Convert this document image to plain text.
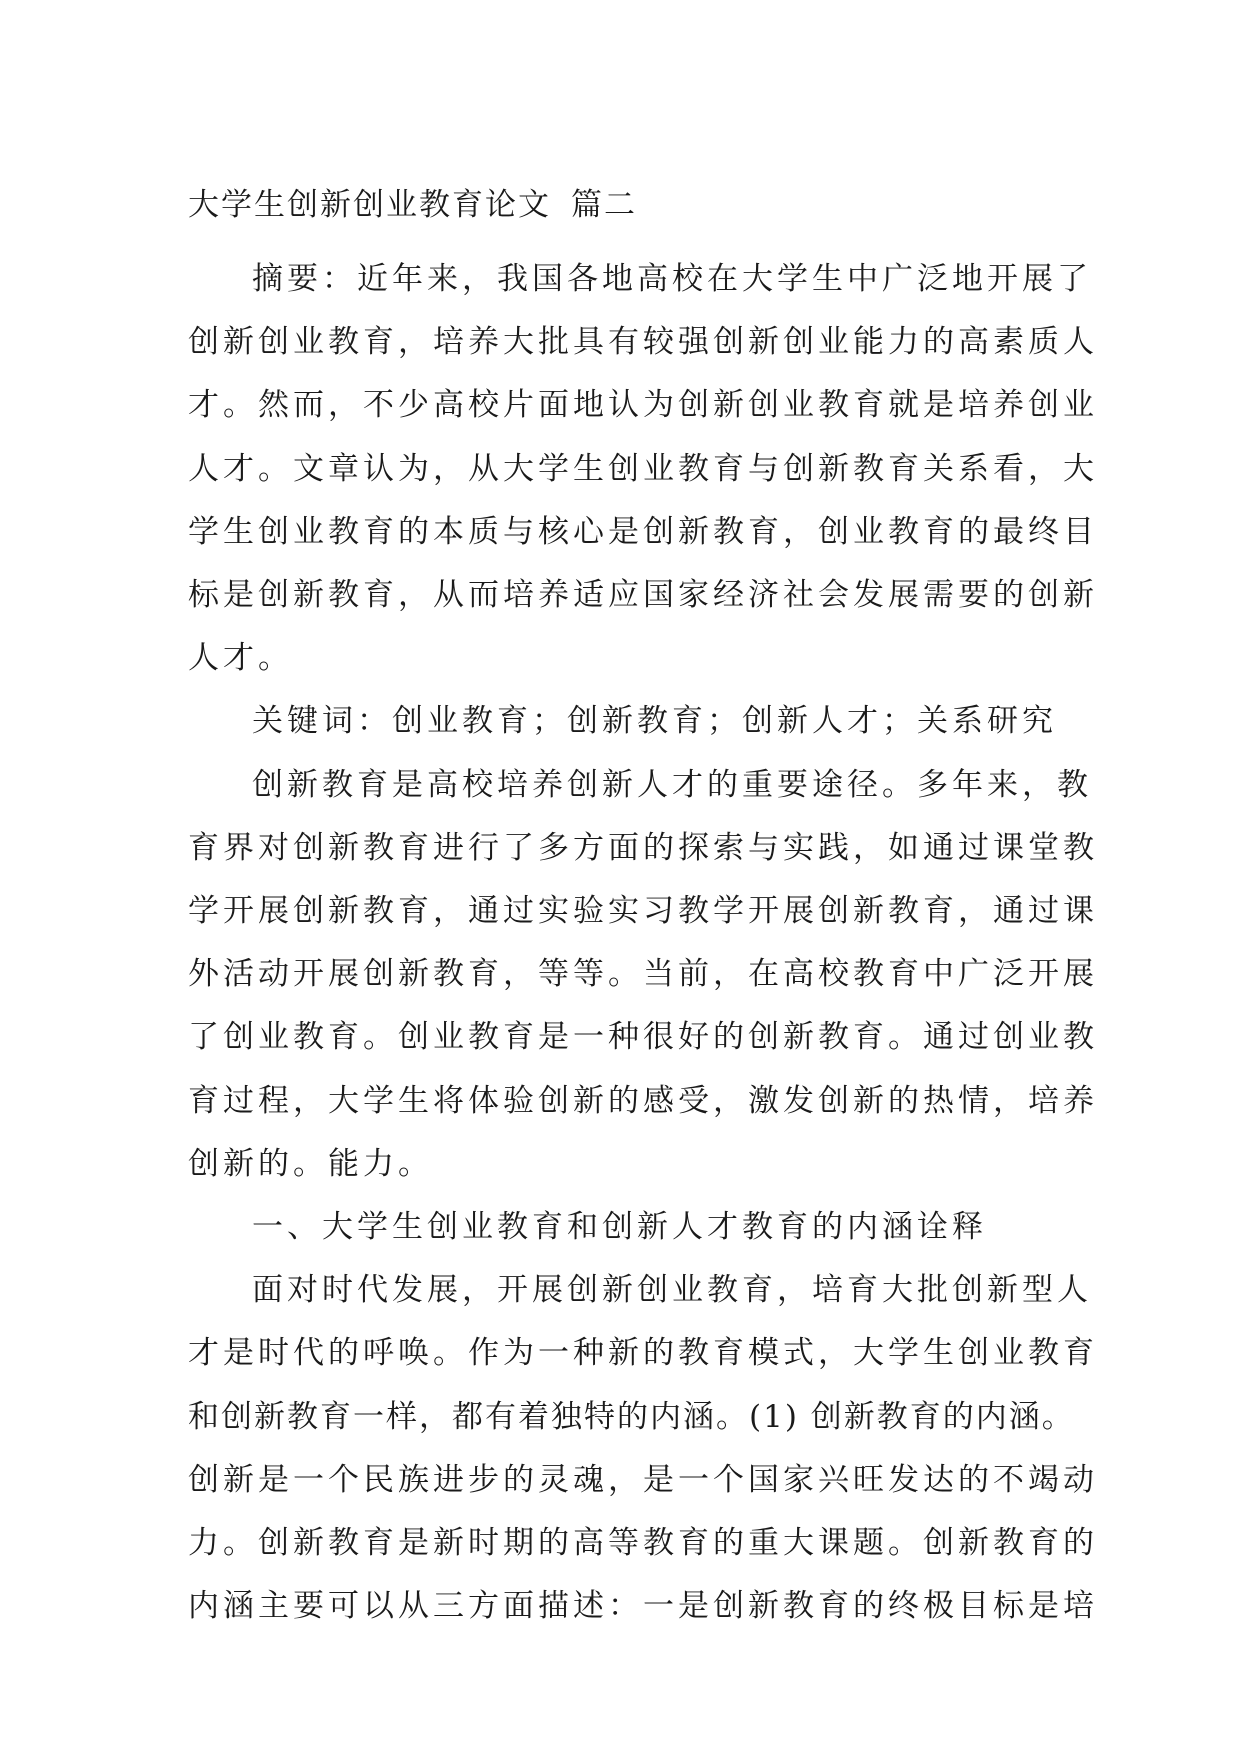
大学生创新创业教育论文 篇二

摘要：近年来，我国各地高校在大学生中广泛地开展了

创新创业教育，培养大批具有较强创新创业能力的高素质人

才。然而，不少高校片面地认为创新创业教育就是培养创业

人才。文章认为，从大学生创业教育与创新教育关系看，大

学生创业教育的本质与核心是创新教育，创业教育的最终目

标是创新教育，从而培养适应国家经济社会发展需要的创新

人才。

关键词：创业教育；创新教育；创新人才；关系研究

创新教育是高校培养创新人才的重要途径。多年来，教

育界对创新教育进行了多方面的探索与实践，如通过课堂教

学开展创新教育，通过实验实习教学开展创新教育，通过课

外活动开展创新教育，等等。当前，在高校教育中广泛开展

了创业教育。创业教育是一种很好的创新教育。通过创业教

育过程，大学生将体验创新的感受，激发创新的热情，培养

创新的。能力。

一、大学生创业教育和创新人才教育的内涵诠释

面对时代发展，开展创新创业教育，培育大批创新型人

才是时代的呼唤。作为一种新的教育模式，大学生创业教育

和创新教育一样，都有着独特的内涵。(1) 创新教育的内涵。

创新是一个民族进步的灵魂，是一个国家兴旺发达的不竭动

力。创新教育是新时期的高等教育的重大课题。创新教育的

内涵主要可以从三方面描述：一是创新教育的终极目标是培
